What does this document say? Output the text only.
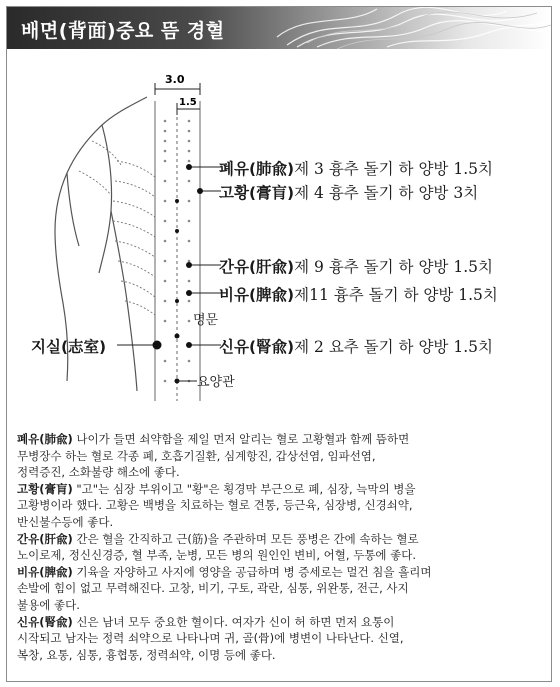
배면(背面)중요 뜸 경혈
3.0
1.5
폐유(肺兪)제 3 흉추 돌기 하 양방 1.5치
고황(膏肓)제 4 흉추 돌기 하 양방 3치
간유(肝兪)제 9 흉추 돌기 하 양방 1.5치
비유(脾兪)제11 흉추 돌기 하 양방 1.5치
신유(腎兪)제 2 요추 돌기 하 양방 1.5치
지실(志室)
명문
요양관

폐유(肺兪) 나이가 들면 쇠약함을 제일 먼저 알리는 혈로 고황혈과 함께 뜸하면
무병장수 하는 혈로 각종 폐, 호흡기질환, 심계항진, 갑상선염, 임파선염,
정력증진, 소화불량 해소에 좋다.

고황(膏肓) "고"는 심장 부위이고 "황"은 횡경막 부근으로 폐, 심장, 늑막의 병을
고황병이라 했다. 고황은 백병을 치료하는 혈로 견통, 등근육, 심장병, 신경쇠약,
반신불수등에 좋다.

간유(肝兪) 간은 혈을 간직하고 근(筋)을 주관하며 모든 풍병은 간에 속하는 혈로
노이로제, 정신신경증, 혈 부족, 눈병, 모든 병의 원인인 변비, 어혈, 두통에 좋다.

비유(脾兪) 기육을 자양하고 사지에 영양을 공급하며 병 증세로는 멀건 침을 흘리며
손발에 힘이 없고 무력해진다. 고창, 비기, 구토, 곽란, 심통, 위완통, 전근, 사지
불용에 좋다.

신유(腎兪) 신은 남녀 모두 중요한 혈이다. 여자가 신이 허 하면 먼저 요통이
시작되고 남자는 정력 쇠약으로 나타나며 귀, 골(骨)에 병변이 나타난다. 신열,
복창, 요통, 심통, 흉협통, 정력쇠약, 이명 등에 좋다.
